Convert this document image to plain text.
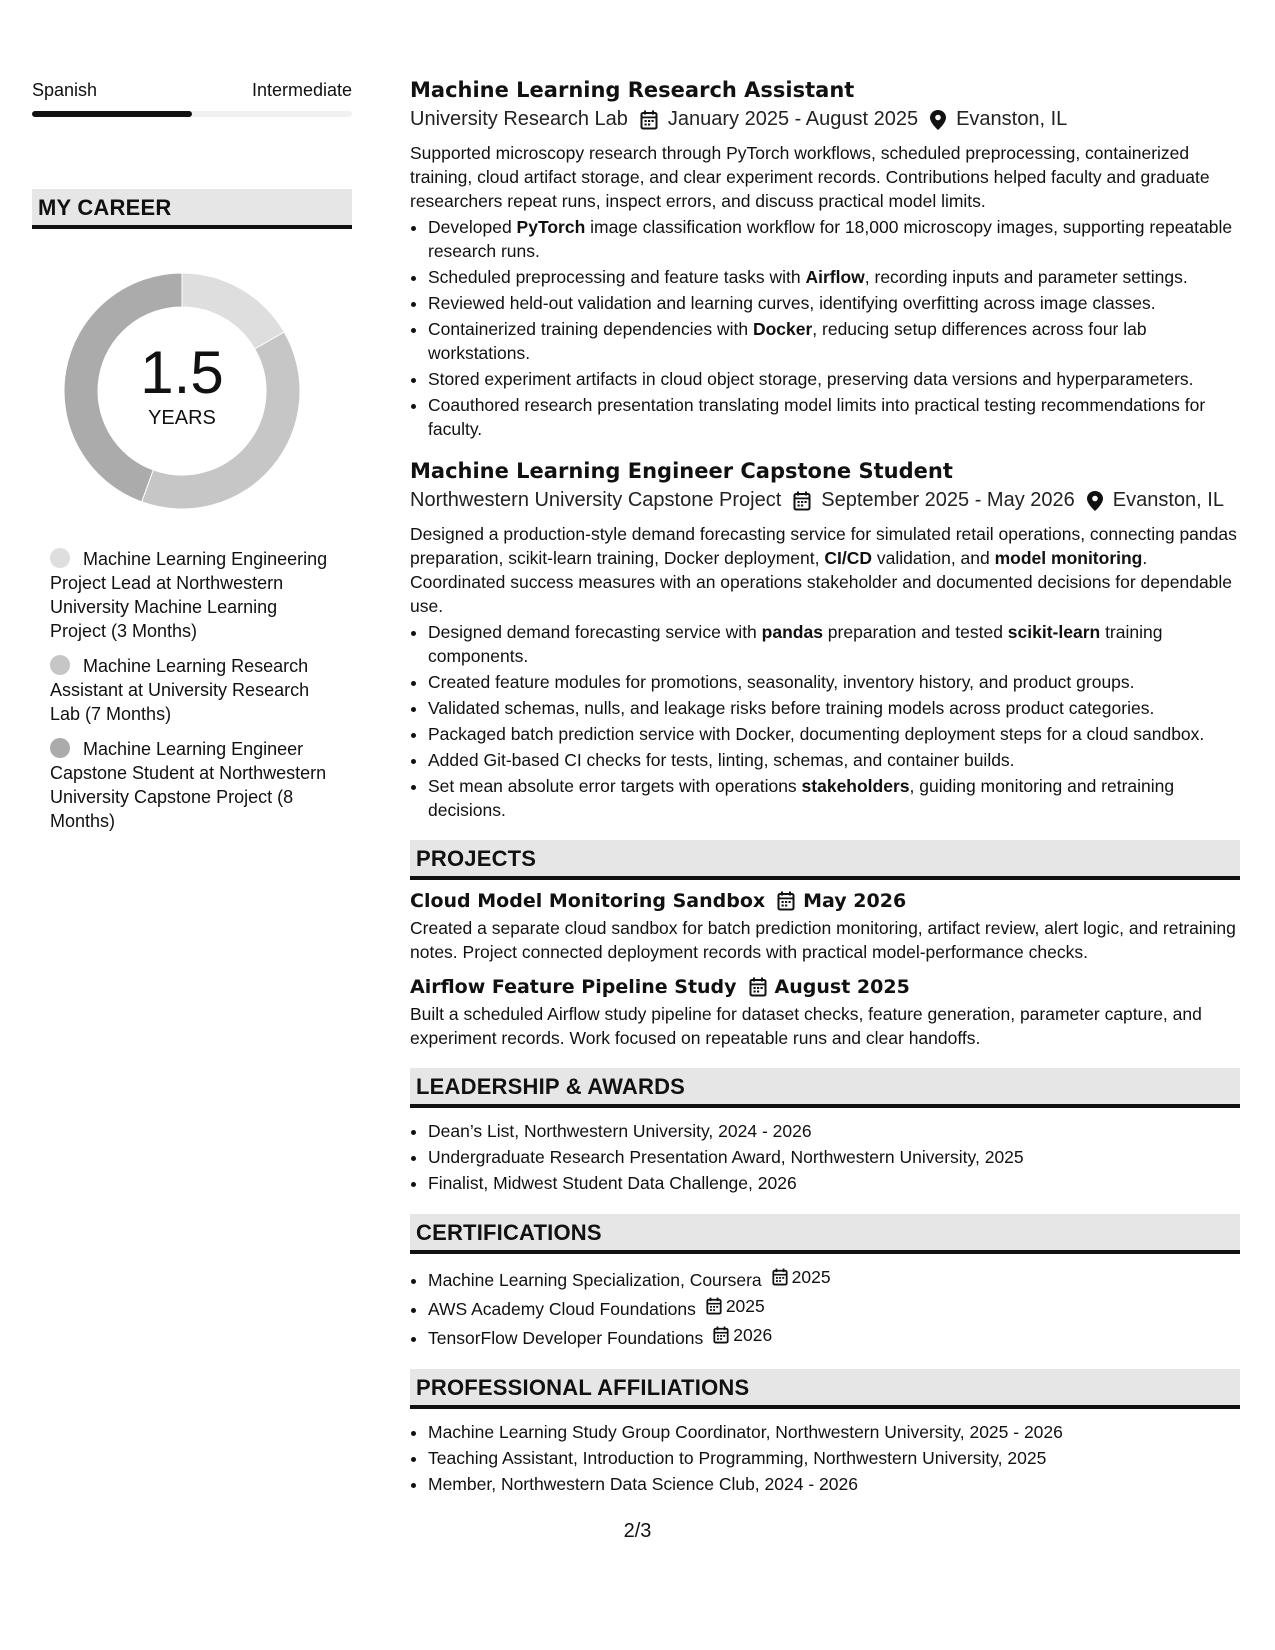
Spanish	Intermediate
MY CAREER
1.5
YEARS
Machine Learning Engineering Project Lead at Northwestern University Machine Learning Project (3 Months)
Machine Learning Research Assistant at University Research Lab (7 Months)
Machine Learning Engineer Capstone Student at Northwestern University Capstone Project (8 Months)
Machine Learning Research Assistant
University Research Lab January 2025 - August 2025 Evanston, IL

Supported microscopy research through PyTorch workflows, scheduled preprocessing, containerized training, cloud artifact storage, and clear experiment records. Contributions helped faculty and graduate researchers repeat runs, inspect errors, and discuss practical model limits.

• Developed PyTorch image classification workflow for 18,000 microscopy images, supporting repeatable research runs.
• Scheduled preprocessing and feature tasks with Airflow, recording inputs and parameter settings.
• Reviewed held-out validation and learning curves, identifying overfitting across image classes.
• Containerized training dependencies with Docker, reducing setup differences across four lab workstations.
• Stored experiment artifacts in cloud object storage, preserving data versions and hyperparameters.
• Coauthored research presentation translating model limits into practical testing recommendations for faculty.
Machine Learning Engineer Capstone Student
Northwestern University Capstone Project September 2025 - May 2026 Evanston, IL

Designed a production-style demand forecasting service for simulated retail operations, connecting pandas preparation, scikit-learn training, Docker deployment, CI/CD validation, and model monitoring. Coordinated success measures with an operations stakeholder and documented decisions for dependable use.

• Designed demand forecasting service with pandas preparation and tested scikit-learn training components.
• Created feature modules for promotions, seasonality, inventory history, and product groups.
• Validated schemas, nulls, and leakage risks before training models across product categories.
• Packaged batch prediction service with Docker, documenting deployment steps for a cloud sandbox.
• Added Git-based CI checks for tests, linting, schemas, and container builds.
• Set mean absolute error targets with operations stakeholders, guiding monitoring and retraining decisions.
PROJECTS
Cloud Model Monitoring Sandbox May 2026

Created a separate cloud sandbox for batch prediction monitoring, artifact review, alert logic, and retraining notes. Project connected deployment records with practical model-performance checks.

Airflow Feature Pipeline Study August 2025

Built a scheduled Airflow study pipeline for dataset checks, feature generation, parameter capture, and experiment records. Work focused on repeatable runs and clear handoffs.

LEADERSHIP & AWARDS
• Dean’s List, Northwestern University, 2024 - 2026
• Undergraduate Research Presentation Award, Northwestern University, 2025
• Finalist, Midwest Student Data Challenge, 2026
CERTIFICATIONS
• Machine Learning Specialization, Coursera 2025
• AWS Academy Cloud Foundations 2025
• TensorFlow Developer Foundations 2026
PROFESSIONAL AFFILIATIONS
• Machine Learning Study Group Coordinator, Northwestern University, 2025 - 2026
• Teaching Assistant, Introduction to Programming, Northwestern University, 2025
• Member, Northwestern Data Science Club, 2024 - 2026
2/3
